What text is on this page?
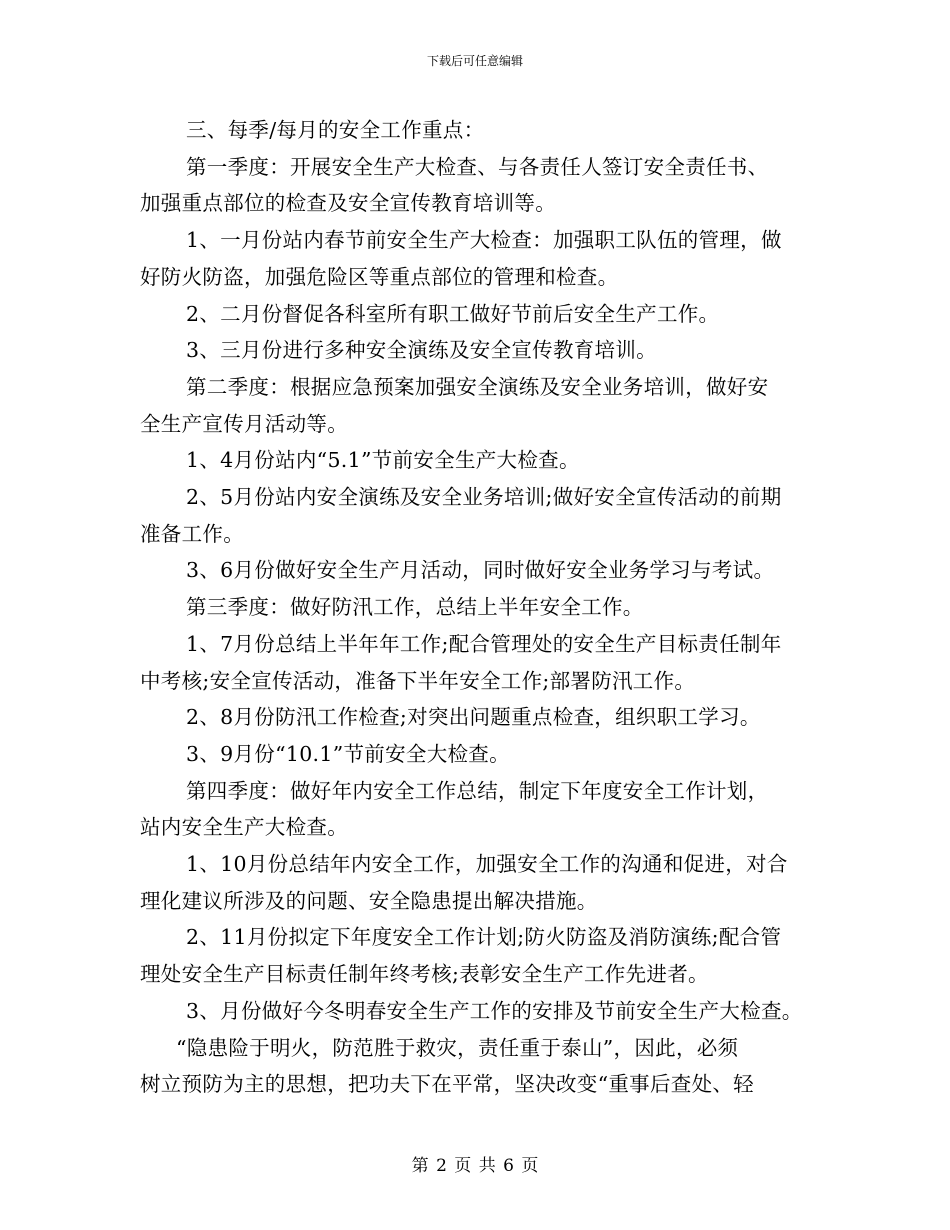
下载后可任意编辑

三、每季/每月的安全工作重点：

第一季度：开展安全生产大检查、与各责任人签订安全责任书、

加强重点部位的检查及安全宣传教育培训等。

1、一月份站内春节前安全生产大检查：加强职工队伍的管理，做

好防火防盗，加强危险区等重点部位的管理和检查。

2、二月份督促各科室所有职工做好节前后安全生产工作。

3、三月份进行多种安全演练及安全宣传教育培训。

第二季度：根据应急预案加强安全演练及安全业务培训，做好安

全生产宣传月活动等。

1、4月份站内“5.1”节前安全生产大检查。

2、5月份站内安全演练及安全业务培训;做好安全宣传活动的前期

准备工作。

3、6月份做好安全生产月活动，同时做好安全业务学习与考试。

第三季度：做好防汛工作，总结上半年安全工作。

1、7月份总结上半年年工作;配合管理处的安全生产目标责任制年

中考核;安全宣传活动，准备下半年安全工作;部署防汛工作。

2、8月份防汛工作检查;对突出问题重点检查，组织职工学习。

3、9月份“10.1”节前安全大检查。

第四季度：做好年内安全工作总结，制定下年度安全工作计划，

站内安全生产大检查。

1、10月份总结年内安全工作，加强安全工作的沟通和促进，对合

理化建议所涉及的问题、安全隐患提出解决措施。

2、11月份拟定下年度安全工作计划;防火防盗及消防演练;配合管

理处安全生产目标责任制年终考核;表彰安全生产工作先进者。

3、月份做好今冬明春安全生产工作的安排及节前安全生产大检查。

“隐患险于明火，防范胜于救灾，责任重于泰山”，因此，必须

树立预防为主的思想，把功夫下在平常，坚决改变“重事后查处、轻

第 2 页 共 6 页
